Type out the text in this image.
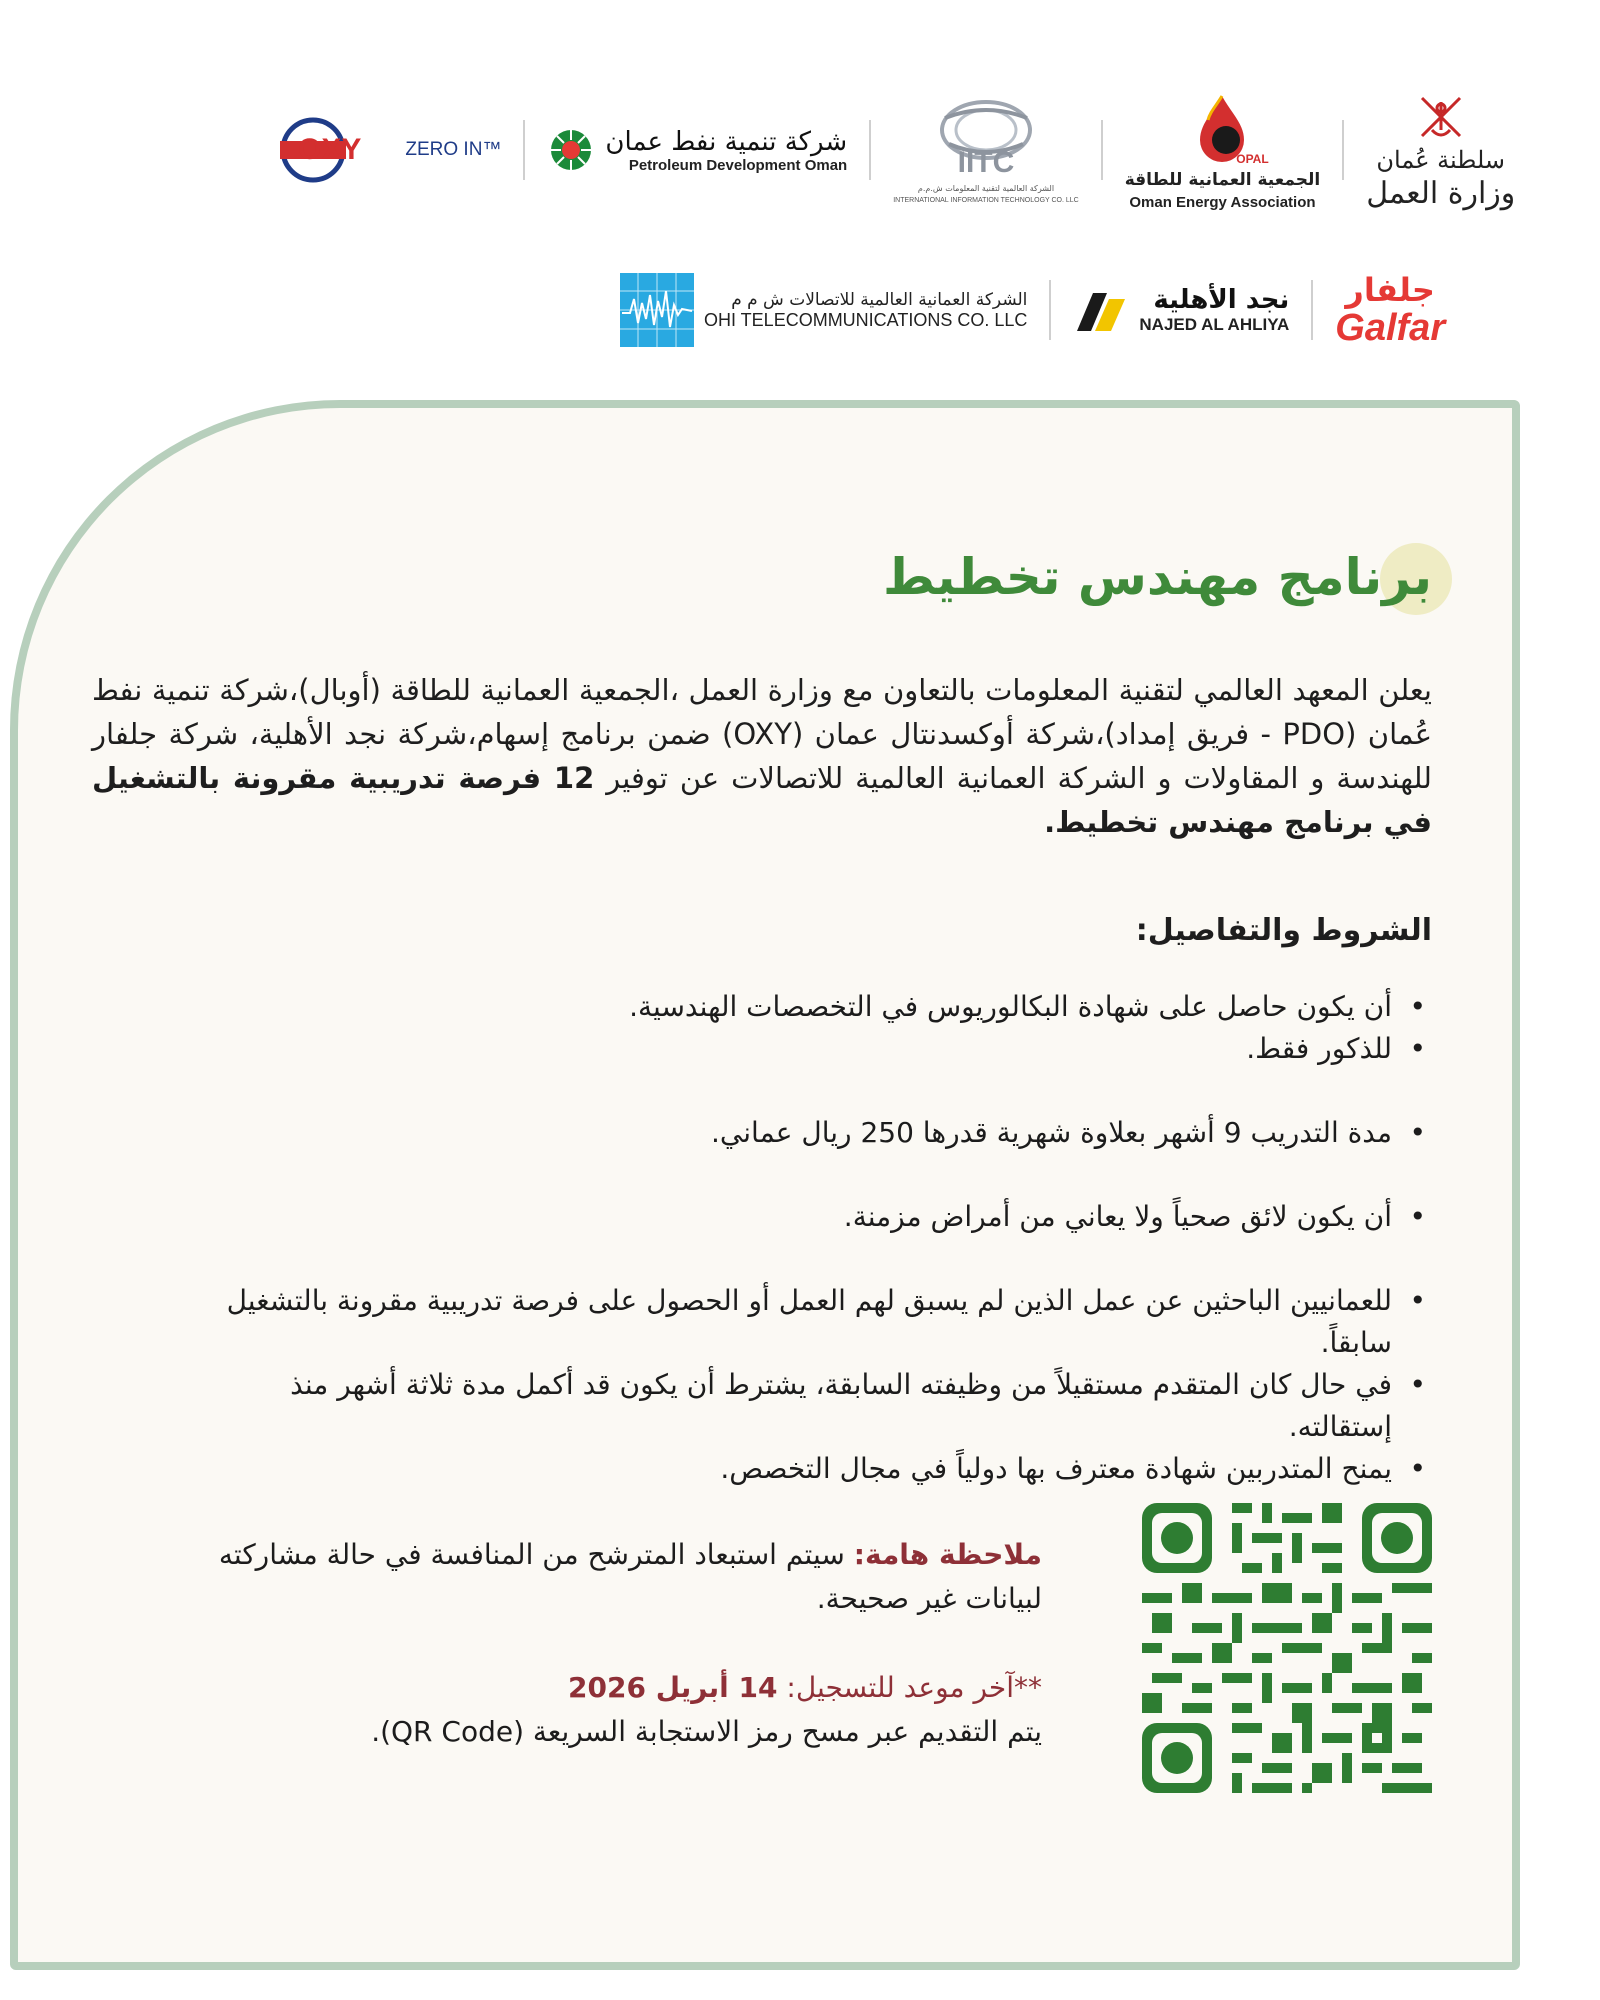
OXY ZERO IN™	شركة تنمية نفط عمان
Petroleum Development Oman	IITC
الشركة العالمية لتقنية المعلومات ش.م.م
INTERNATIONAL INFORMATION TECHNOLOGY CO. LLC
OPAL
الجمعية العمانية للطاقة
Oman Energy Association
سلطنة عُمان
وزارة العمل
الشركة العمانية العالمية للاتصالات ش م م
OHI TELECOMMUNICATIONS CO. LLC
نجد الأهلية
NAJED AL AHLIYA
جلفار
Galfar
برنامج مهندس تخطيط

يعلن المعهد العالمي لتقنية المعلومات بالتعاون مع وزارة العمل ،الجمعية العمانية للطاقة (أوبال)،شركة تنمية نفط عُمان (PDO - فريق إمداد)،شركة أوكسدنتال عمان (OXY) ضمن برنامج إسهام،شركة نجد الأهلية، شركة جلفار للهندسة و المقاولات و الشركة العمانية العالمية للاتصالات عن توفير 12 فرصة تدريبية مقرونة بالتشغيل في برنامج مهندس تخطيط.

الشروط والتفاصيل:
• أن يكون حاصل على شهادة البكالوريوس في التخصصات الهندسية.
• للذكور فقط.
• مدة التدريب 9 أشهر بعلاوة شهرية قدرها 250 ريال عماني.
• أن يكون لائق صحياً ولا يعاني من أمراض مزمنة.
• للعمانيين الباحثين عن عمل الذين لم يسبق لهم العمل أو الحصول على فرصة تدريبية مقرونة بالتشغيل سابقاً.
• في حال كان المتقدم مستقيلاً من وظيفته السابقة، يشترط أن يكون قد أكمل مدة ثلاثة أشهر منذ إستقالته.
• يمنح المتدربين شهادة معترف بها دولياً في مجال التخصص.

ملاحظة هامة: سيتم استبعاد المترشح من المنافسة في حالة مشاركته لبيانات غير صحيحة.

**آخر موعد للتسجيل: 14 أبريل 2026
يتم التقديم عبر مسح رمز الاستجابة السريعة (QR Code).
